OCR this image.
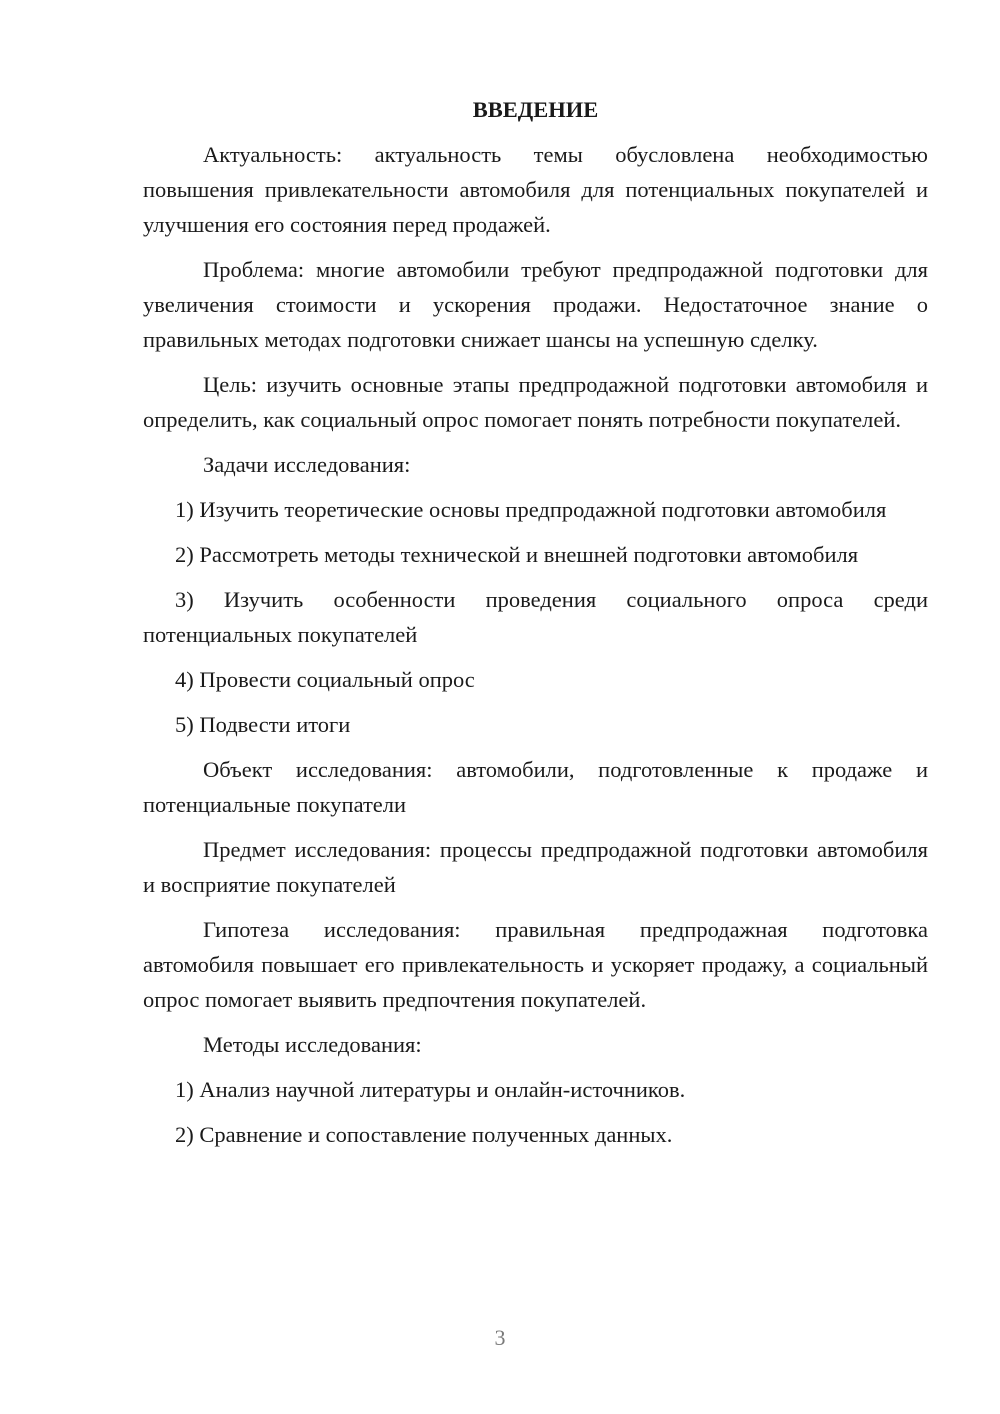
ВВЕДЕНИЕ

Актуальность: актуальность темы обусловлена необходимостью повышения привлекательности автомобиля для потенциальных покупателей и улучшения его состояния перед продажей.

Проблема: многие автомобили требуют предпродажной подготовки для увеличения стоимости и ускорения продажи. Недостаточное знание о правильных методах подготовки снижает шансы на успешную сделку.

Цель: изучить основные этапы предпродажной подготовки автомобиля и определить, как социальный опрос помогает понять потребности покупателей.

Задачи исследования:

1) Изучить теоретические основы предпродажной подготовки автомобиля

2) Рассмотреть методы технической и внешней подготовки автомобиля

3) Изучить особенности проведения социального опроса среди потенциальных покупателей

4) Провести социальный опрос

5) Подвести итоги

Объект исследования: автомобили, подготовленные к продаже и потенциальные покупатели

Предмет исследования: процессы предпродажной подготовки автомобиля и восприятие покупателей

Гипотеза исследования: правильная предпродажная подготовка автомобиля повышает его привлекательность и ускоряет продажу, а социальный опрос помогает выявить предпочтения покупателей.

Методы исследования:

1) Анализ научной литературы и онлайн-источников.

2) Сравнение и сопоставление полученных данных.

3
